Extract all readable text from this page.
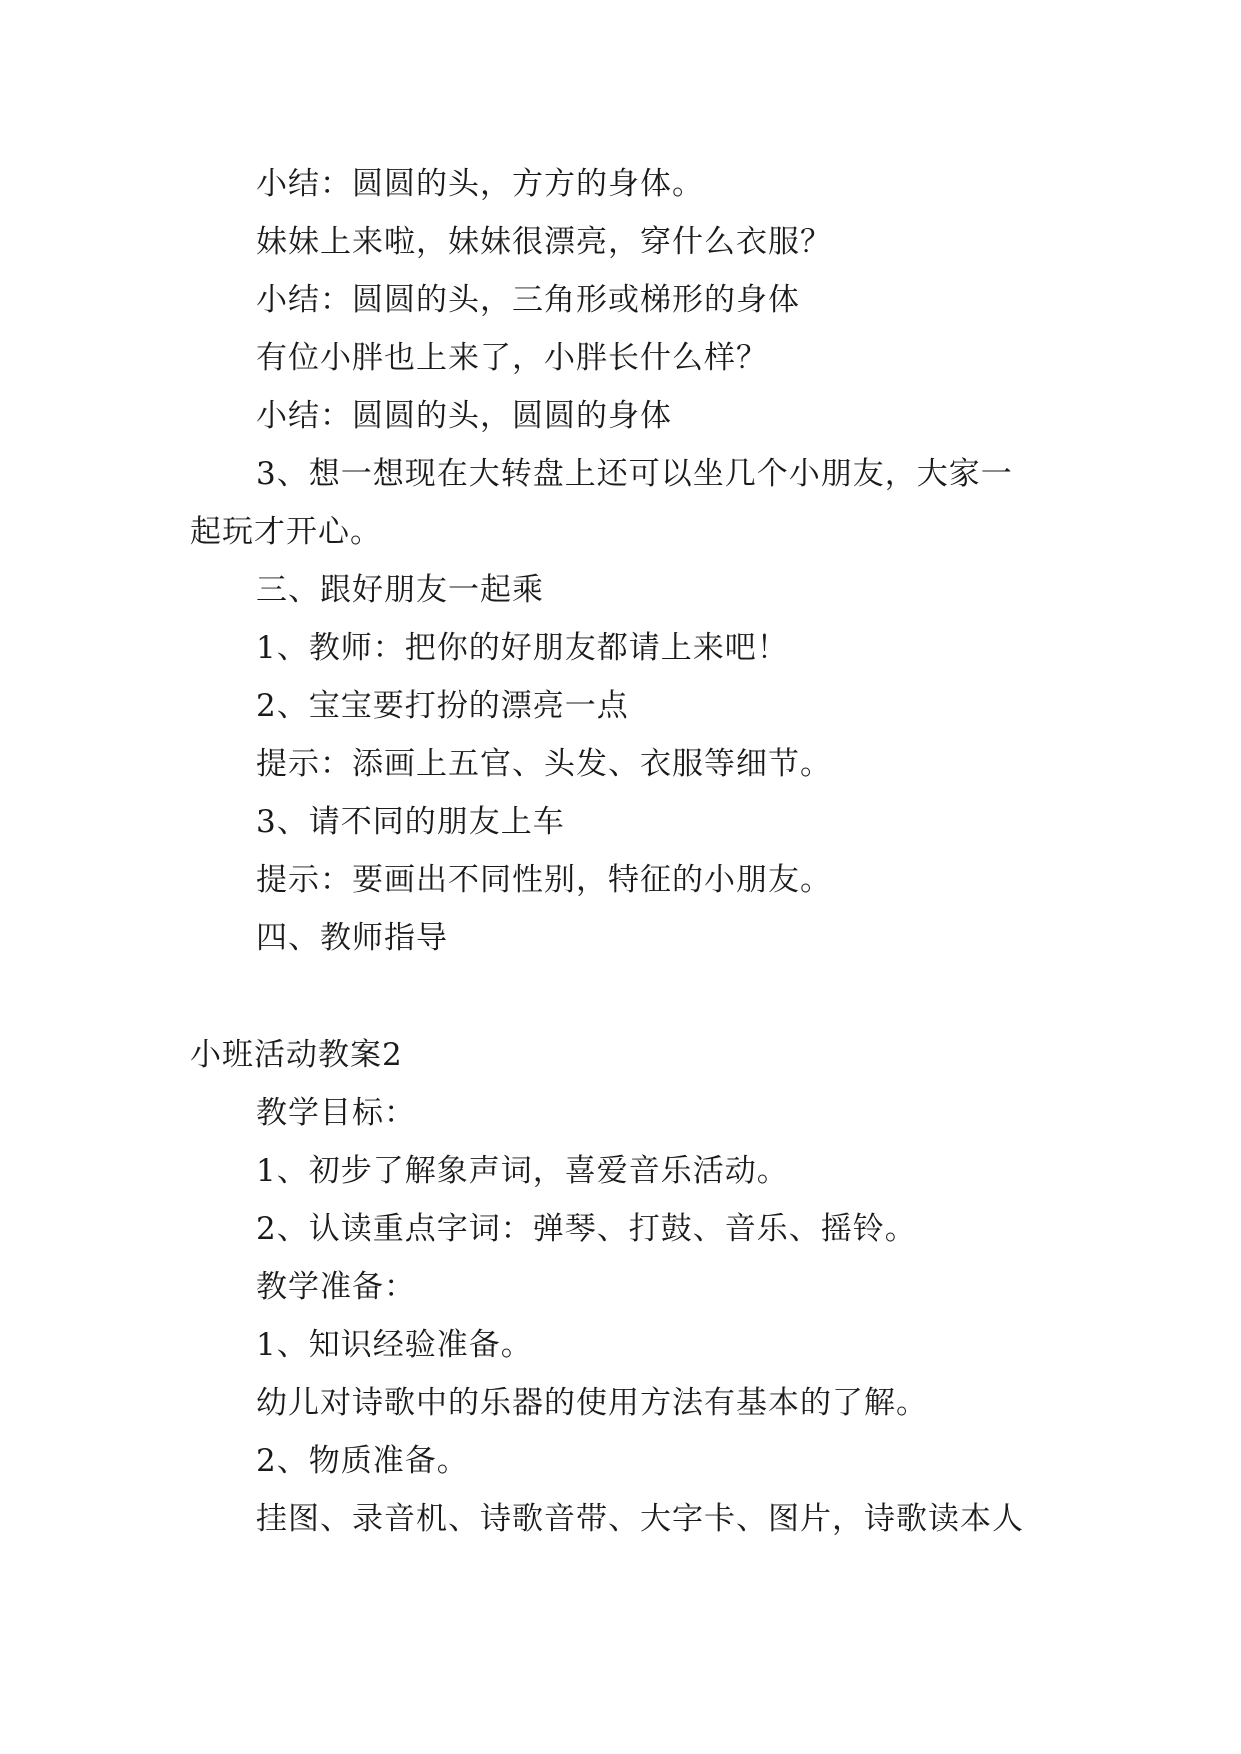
小结：圆圆的头，方方的身体。
妹妹上来啦，妹妹很漂亮，穿什么衣服？
小结：圆圆的头，三角形或梯形的身体
有位小胖也上来了，小胖长什么样？
小结：圆圆的头，圆圆的身体
3、想一想现在大转盘上还可以坐几个小朋友，大家一
起玩才开心。
三、跟好朋友一起乘
1、教师：把你的好朋友都请上来吧！
2、宝宝要打扮的漂亮一点
提示：添画上五官、头发、衣服等细节。
3、请不同的朋友上车
提示：要画出不同性别，特征的小朋友。
四、教师指导
小班活动教案2
教学目标：
1、初步了解象声词，喜爱音乐活动。
2、认读重点字词：弹琴、打鼓、音乐、摇铃。
教学准备：
1、知识经验准备。
幼儿对诗歌中的乐器的使用方法有基本的了解。
2、物质准备。
挂图、录音机、诗歌音带、大字卡、图片，诗歌读本人
